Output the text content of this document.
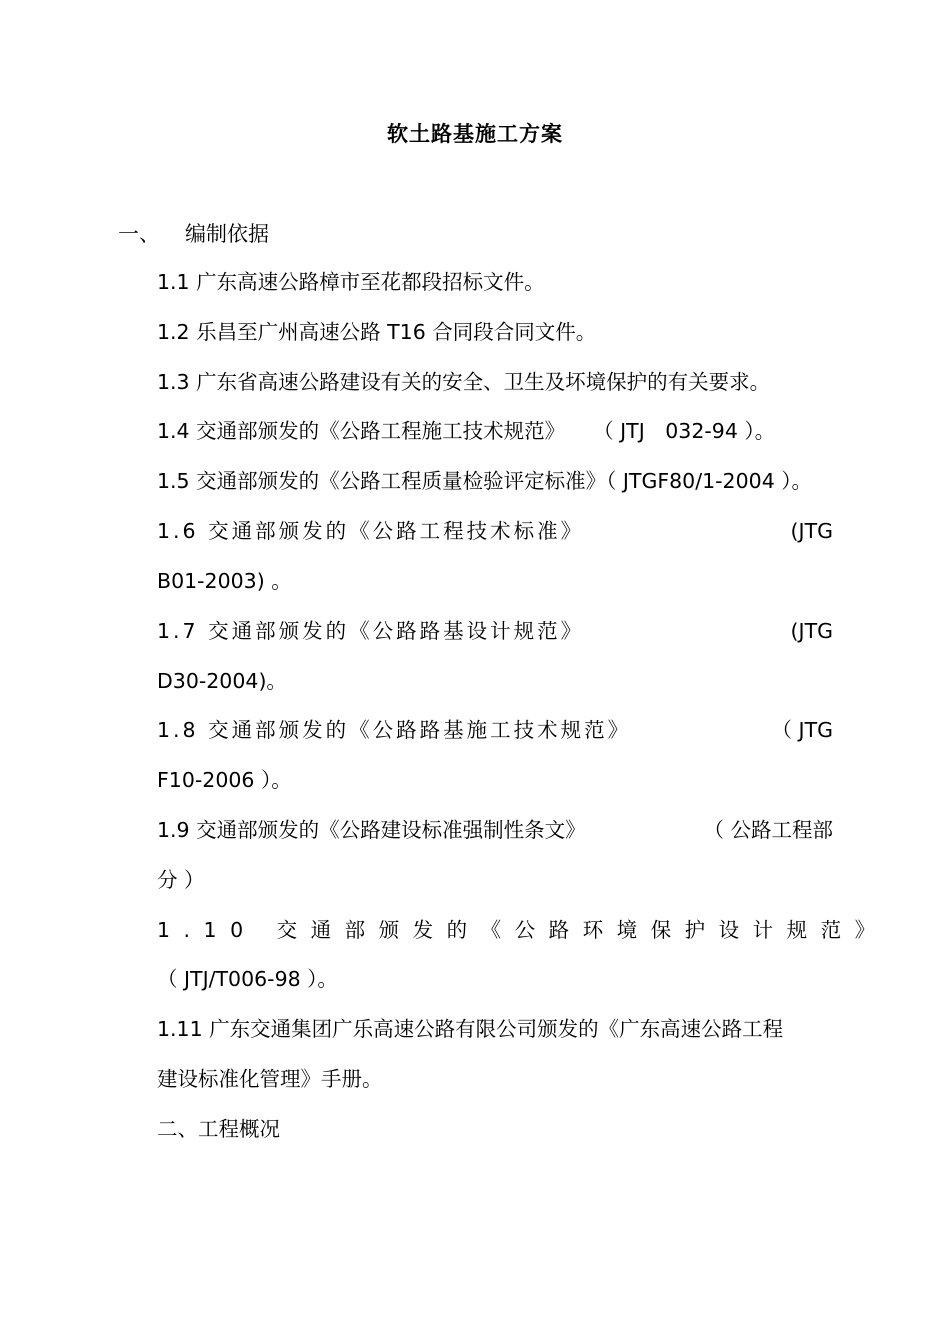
软土路基施工方案
一、 编制依据
1.1 广东高速公路樟市至花都段招标文件。
1.2 乐昌至广州高速公路 T16 合同段合同文件。
1.3 广东省高速公路建设有关的安全、卫生及坏境保护的有关要求。
1.4 交通部颁发的《公路工程施工技术规范》 （ JTJ　032-94 ）。
1.5 交通部颁发的《公路工程质量检验评定标准》（ JTGF80/1-2004 ）。
1.6 交通部颁发的《公路工程技术标准》	(JTG
B01-2003) 。
1.7 交通部颁发的《公路路基设计规范》	(JTG
D30-2004)。
1.8 交通部颁发的《公路路基施工技术规范》	（ JTG
F10-2006 ）。
1.9 交通部颁发的《公路建设标准强制性条文》	（ 公路工程部
分 ）
1.10 交通部颁发的《公路环境保护设计规范》
（ JTJ/T006-98 ）。
1.11 广东交通集团广乐高速公路有限公司颁发的《广东高速公路工程
建设标准化管理》手册。
二、工程概况
